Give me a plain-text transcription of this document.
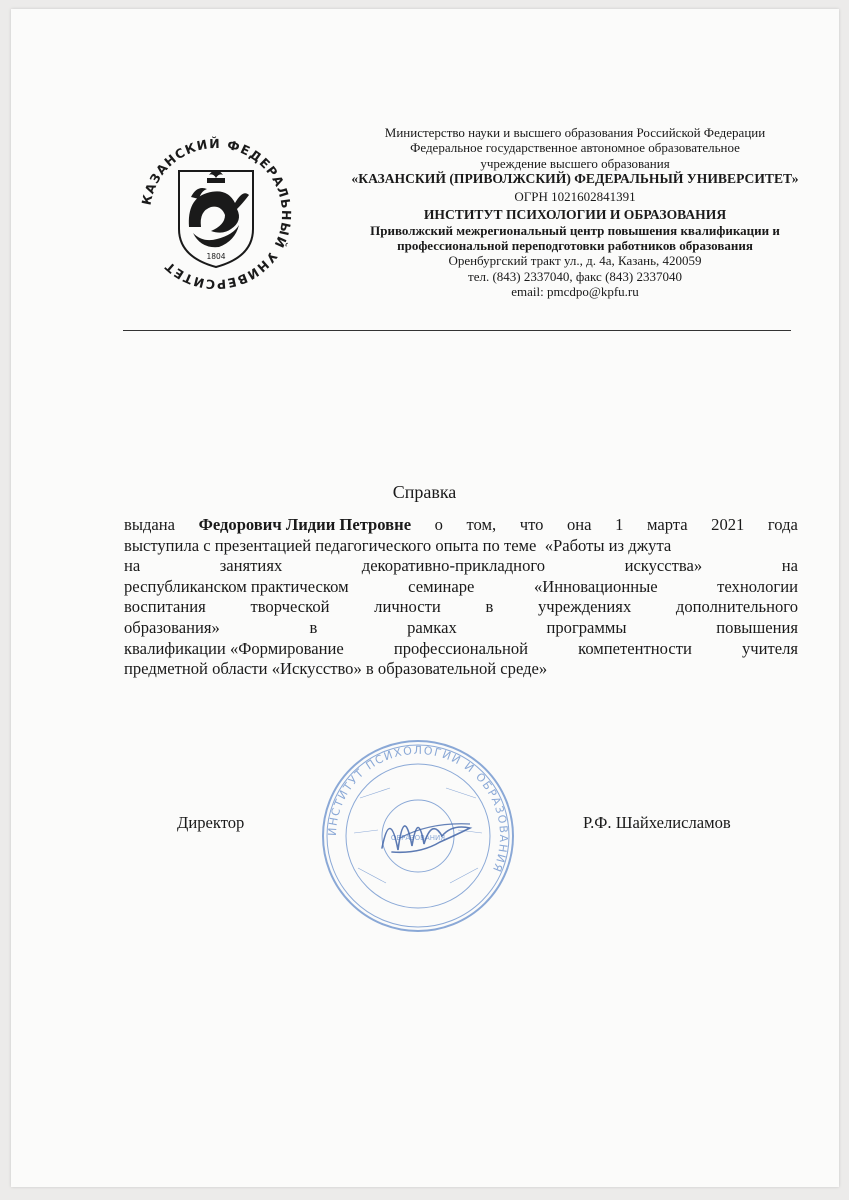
КАЗАНСКИЙ ФЕДЕРАЛЬНЫЙ УНИВЕРСИТЕТ
1804
Министерство науки и высшего образования Российской Федерации
Федеральное государственное автономное образовательное
учреждение высшего образования
«КАЗАНСКИЙ (ПРИВОЛЖСКИЙ) ФЕДЕРАЛЬНЫЙ УНИВЕРСИТЕТ»
ОГРН 1021602841391
ИНСТИТУТ ПСИХОЛОГИИ И ОБРАЗОВАНИЯ
Приволжский межрегиональный центр повышения квалификации и
профессиональной переподготовки работников образования
Оренбургский тракт ул., д. 4а, Казань, 420059
тел. (843) 2337040, факс (843) 2337040
email: pmcdpo@kpfu.ru
Справка
выдана Федорович Лидии Петровне о том, что она 1 марта 2021 года
выступила с презентацией педагогического опыта по теме  «Работы из джута
на	занятиях	декоративно-прикладного	искусства»	на
республиканском практическом	семинаре	«Инновационные	технологии
воспитания	творческой	личности	в	учреждениях	дополнительного
образования»	в	рамках	программы	повышения
квалификации «Формирование	профессиональной	компетентности	учителя
предметной области «Искусство» в образовательной среде»
ИНСТИТУТ ПСИХОЛОГИИ И ОБРАЗОВАНИЯ
ОБРАЗОВАНИЯ
Директор	Р.Ф. Шайхелисламов
